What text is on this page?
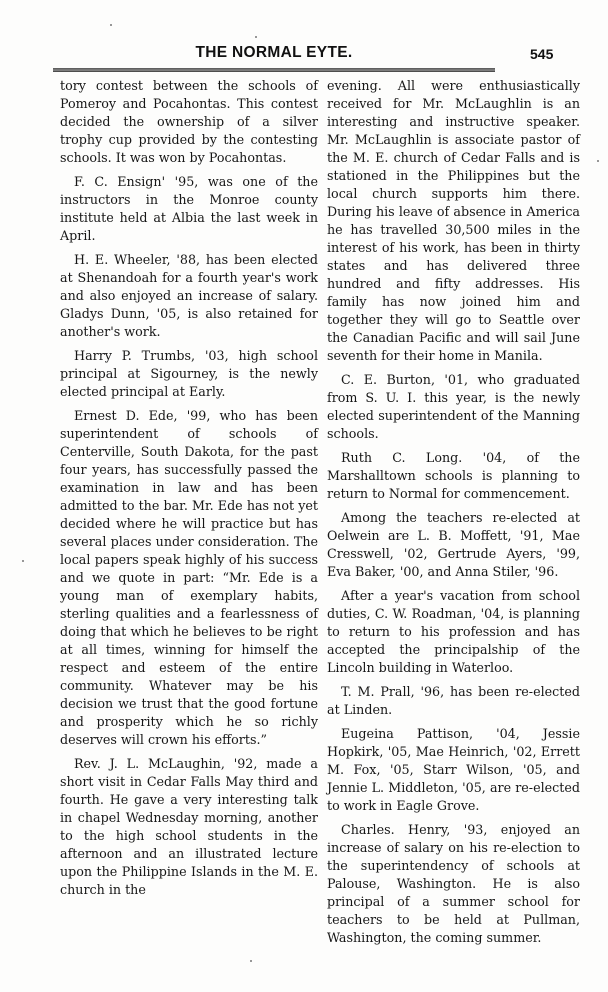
THE NORMAL EYTE.	545

tory contest between the schools of Pomeroy and Pocahontas. This contest decided the ownership of a silver trophy cup provided by the contesting schools. It was won by Pocahontas.

F. C. Ensign' '95, was one of the instructors in the Monroe county institute held at Albia the last week in April.

H. E. Wheeler, '88, has been elected at Shenandoah for a fourth year's work and also enjoyed an increase of salary. Gladys Dunn, '05, is also retained for another's work.

Harry P. Trumbs, '03, high school principal at Sigourney, is the newly elected principal at Early.

Ernest D. Ede, '99, who has been superintendent of schools of Centerville, South Dakota, for the past four years, has successfully passed the examination in law and has been admitted to the bar. Mr. Ede has not yet decided where he will practice but has several places under consideration. The local papers speak highly of his success and we quote in part: “Mr. Ede is a young man of exemplary habits, sterling qualities and a fearlessness of doing that which he believes to be right at all times, winning for himself the respect and esteem of the entire community. Whatever may be his decision we trust that the good fortune and prosperity which he so richly deserves will crown his efforts.”

Rev. J. L. McLaughin, '92, made a short visit in Cedar Falls May third and fourth. He gave a very interesting talk in chapel Wednesday morning, another to the high school students in the afternoon and an illustrated lecture upon the Philippine Islands in the M. E. church in the

evening. All were enthusiastically received for Mr. McLaughlin is an interesting and instructive speaker. Mr. McLaughlin is associate pastor of the M. E. church of Cedar Falls and is stationed in the Philippines but the local church supports him there. During his leave of absence in America he has travelled 30,500 miles in the interest of his work, has been in thirty states and has delivered three hundred and fifty addresses. His family has now joined him and together they will go to Seattle over the Canadian Pacific and will sail June seventh for their home in Manila.

C. E. Burton, '01, who graduated from S. U. I. this year, is the newly elected superintendent of the Manning schools.

Ruth C. Long. '04, of the Marshalltown schools is planning to return to Normal for commencement.

Among the teachers re-elected at Oelwein are L. B. Moffett, '91, Mae Cresswell, '02, Gertrude Ayers, '99, Eva Baker, '00, and Anna Stiler, '96.

After a year's vacation from school duties, C. W. Roadman, '04, is planning to return to his profession and has accepted the principalship of the Lincoln building in Waterloo.

T. M. Prall, '96, has been re-elected at Linden.

Eugeina Pattison, '04, Jessie Hopkirk, '05, Mae Heinrich, '02, Errett M. Fox, '05, Starr Wilson, '05, and Jennie L. Middleton, '05, are re-elected to work in Eagle Grove.

Charles. Henry, '93, enjoyed an increase of salary on his re-election to the superintendency of schools at Palouse, Washington. He is also principal of a summer school for teachers to be held at Pullman, Washington, the coming summer.
